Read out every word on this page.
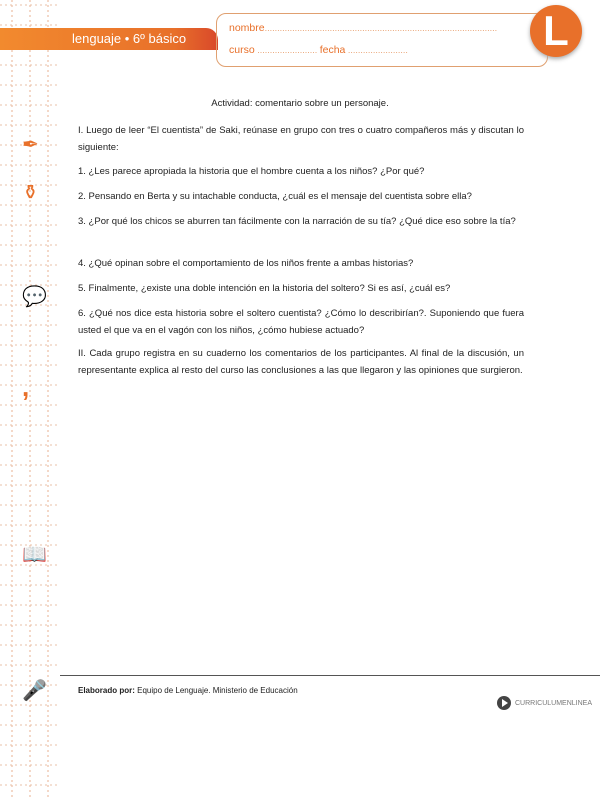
lenguaje • 6º básico
nombre.............................................................................................
curso ........................ fecha ........................	L
✒
⚱
💬
,
📖
🎤
Actividad: comentario sobre un personaje.
I. Luego de leer “El cuentista” de Saki, reúnase en grupo con tres o cuatro compañeros más y discutan lo siguiente:
1. ¿Les parece apropiada la historia que el hombre cuenta a los niños? ¿Por qué?
2. Pensando en Berta y su intachable conducta, ¿cuál es el mensaje del cuentista sobre ella?
3. ¿Por qué los chicos se aburren tan fácilmente con la narración de su tía? ¿Qué dice eso sobre la tía?
4. ¿Qué opinan sobre el comportamiento de los niños frente a ambas historias?
5. Finalmente, ¿existe una doble intención en la historia del soltero? Si es así, ¿cuál es?
6. ¿Qué nos dice esta historia sobre el soltero cuentista? ¿Cómo lo describirían?. Suponiendo que fuera usted el que va en el vagón con los niños, ¿cómo hubiese actuado?
II. Cada grupo registra en su cuaderno los comentarios de los participantes. Al final de la discusión, un representante explica al resto del curso las conclusiones a las que llegaron y las opiniones que surgieron.
Elaborado por: Equipo de Lenguaje. Ministerio de Educación
CURRICULUMENLINEA
